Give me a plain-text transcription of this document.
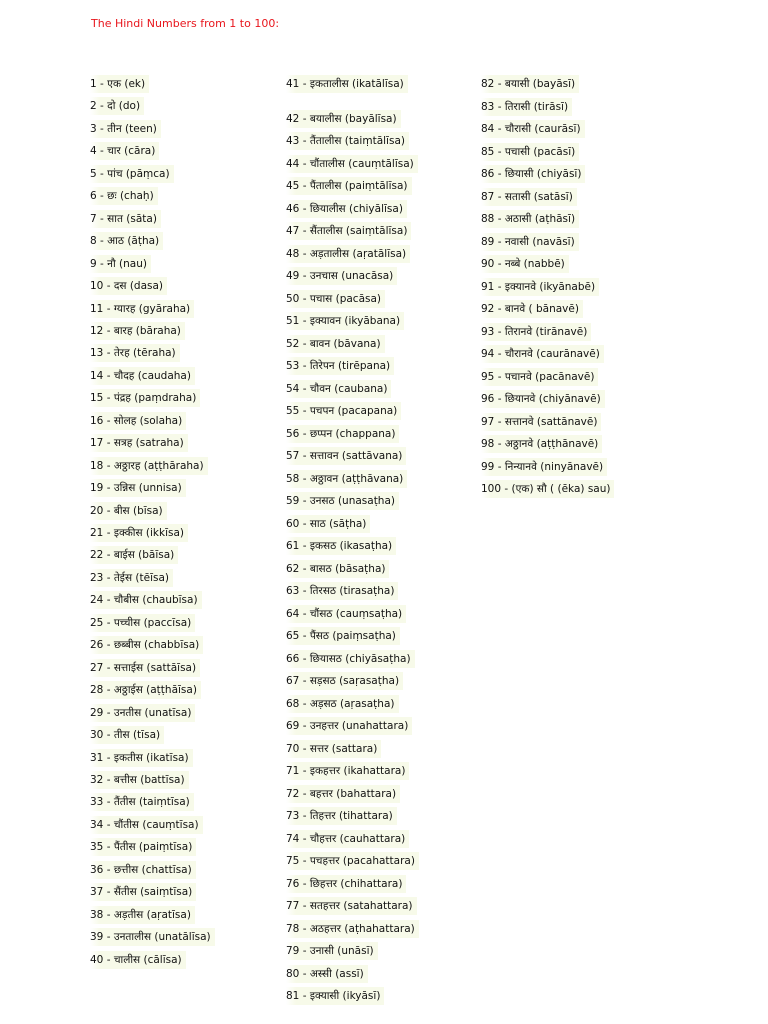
The Hindi Numbers from 1 to 100:
1 - एक (ek)
2 - दो (do)
3 - तीन (teen)
4 - चार (cāra)
5 - पांच (pāṃca)
6 - छः (chaḥ)
7 - सात (sāta)
8 - आठ (āṭha)
9 - नौ (nau)
10 - दस (dasa)
11 - ग्यारह (gyāraha)
12 - बारह (bāraha)
13 - तेरह (tēraha)
14 - चौदह (caudaha)
15 - पंद्रह (paṃdraha)
16 - सोलह (solaha)
17 - सत्रह (satraha)
18 - अठ्ठारह (aṭṭhāraha)
19 - उन्निस (unnisa)
20 - बीस (bīsa)
21 - इक्कीस (ikkīsa)
22 - बाईस (bāīsa)
23 - तेईस (tēīsa)
24 - चौबीस (chaubīsa)
25 - पच्चीस (paccīsa)
26 - छब्बीस (chabbīsa)
27 - सत्ताईस (sattāīsa)
28 - अठ्ठाईस (aṭṭhāīsa)
29 - उनतीस (unatīsa)
30 - तीस (tīsa)
31 - इकतीस (ikatīsa)
32 - बत्तीस (battīsa)
33 - तैंतीस (taiṃtīsa)
34 - चौंतीस (cauṃtīsa)
35 - पैंतीस (paiṃtīsa)
36 - छत्तीस (chattīsa)
37 - सैंतीस (saiṃtīsa)
38 - अड़तीस (aṛatīsa)
39 - उनतालीस (unatālīsa)
40 - चालीस (cālīsa)
41 - इकतालीस (ikatālīsa)
42 - बयालीस (bayālīsa)
43 - तैंतालीस (taiṃtālīsa)
44 - चौंतालीस (cauṃtālīsa)
45 - पैंतालीस (paiṃtālīsa)
46 - छियालीस (chiyālīsa)
47 - सैंतालीस (saiṃtālīsa)
48 - अड़तालीस (aṛatālīsa)
49 - उनचास (unacāsa)
50 - पचास (pacāsa)
51 - इक्यावन (ikyābana)
52 - बावन (bāvana)
53 - तिरेपन (tirēpana)
54 - चौवन (caubana)
55 - पचपन (pacapana)
56 - छप्पन (chappana)
57 - सत्तावन (sattāvana)
58 - अठ्ठावन (aṭṭhāvana)
59 - उनसठ (unasaṭha)
60 - साठ (sāṭha)
61 - इकसठ (ikasaṭha)
62 - बासठ (bāsaṭha)
63 - तिरसठ (tirasaṭha)
64 - चौंसठ (cauṃsaṭha)
65 - पैंसठ (paiṃsaṭha)
66 - छियासठ (chiyāsaṭha)
67 - सड़सठ (saṛasaṭha)
68 - अड़सठ (aṛasaṭha)
69 - उनहत्तर (unahattara)
70 - सत्तर (sattara)
71 - इकहत्तर (ikahattara)
72 - बहत्तर (bahattara)
73 - तिहत्तर (tihattara)
74 - चौहत्तर (cauhattara)
75 - पचहत्तर (pacahattara)
76 - छिहत्तर (chihattara)
77 - सतहत्तर (satahattara)
78 - अठहत्तर (aṭhahattara)
79 - उनासी (unāsī)
80 - अस्सी (assī)
81 - इक्यासी (ikyāsī)
82 - बयासी (bayāsī)
83 - तिरासी (tirāsī)
84 - चौरासी (caurāsī)
85 - पचासी (pacāsī)
86 - छियासी (chiyāsī)
87 - सतासी (satāsī)
88 - अठासी (aṭhāsī)
89 - नवासी (navāsī)
90 - नब्बे (nabbē)
91 - इक्यानवे (ikyānabē)
92 - बानवे ( bānavē)
93 - तिरानवे (tirānavē)
94 - चौरानवे (caurānavē)
95 - पचानवे (pacānavē)
96 - छियानवे (chiyānavē)
97 - सत्तानवे (sattānavē)
98 - अठ्ठानवे (aṭṭhānavē)
99 - निन्यानवे (ninyānavē)
100 - (एक) सौ ( (ēka) sau)
